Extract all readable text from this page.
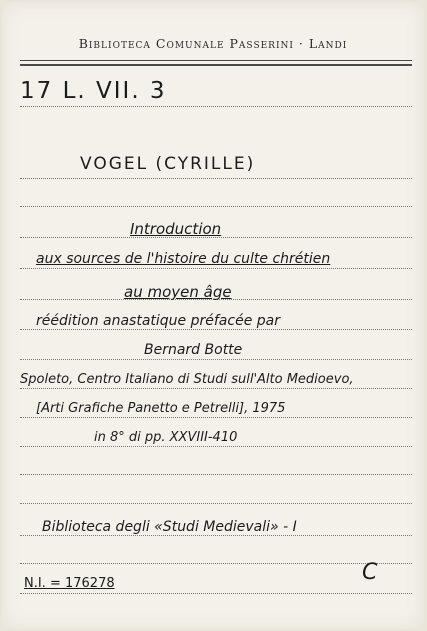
Biblioteca Comunale Passerini · Landi
17 L. VII. 3
VOGEL (CYRILLE)
Introduction
aux sources de l'histoire du culte chrétien
au moyen âge
réédition anastatique préfacée par
Bernard Botte
Spoleto, Centro Italiano di Studi sull'Alto Medioevo,
[Arti Grafiche Panetto e Petrelli], 1975
in 8° di pp. XXVIII-410
Biblioteca degli «Studi Medievali» - I
N.I. = 176278	C
